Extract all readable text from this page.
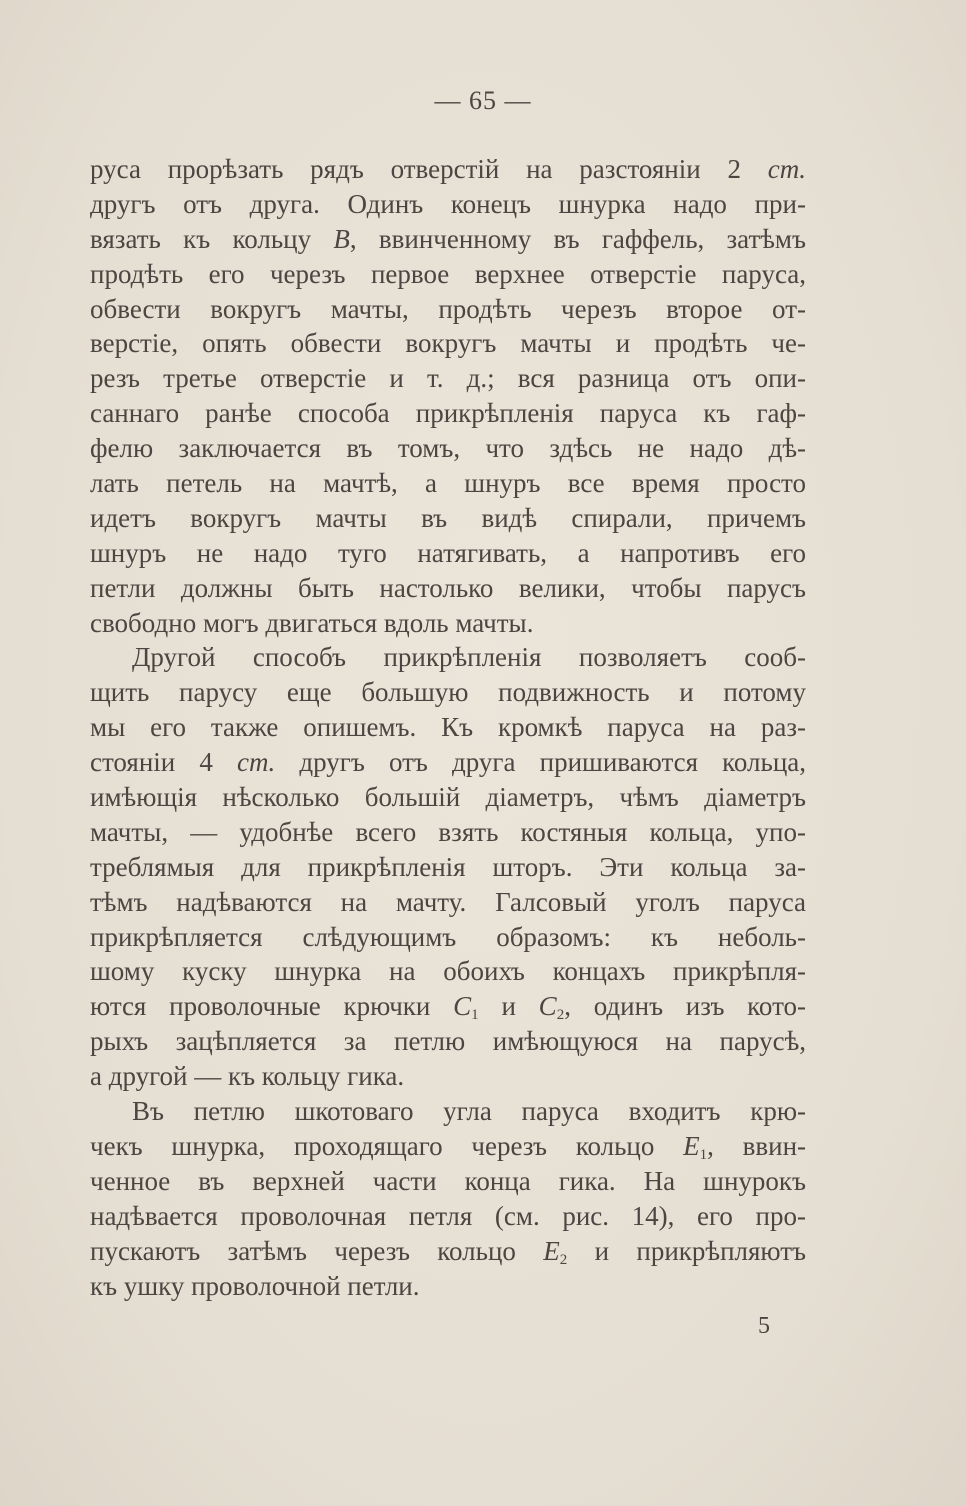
— 65 —
руса прорѣзать рядъ отверстій на разстояніи 2 cm.
другъ отъ друга. Одинъ конецъ шнурка надо при-
вязать къ кольцу B, ввинченному въ гаффель, затѣмъ
продѣть его черезъ первое верхнее отверстіе паруса,
обвести вокругъ мачты, продѣть черезъ второе от-
верстіе, опять обвести вокругъ мачты и продѣть че-
резъ третье отверстіе и т. д.; вся разница отъ опи-
саннаго ранѣе способа прикрѣпленія паруса къ гаф-
фелю заключается въ томъ, что здѣсь не надо дѣ-
лать петель на мачтѣ, а шнуръ все время просто
идетъ вокругъ мачты въ видѣ спирали, причемъ
шнуръ не надо туго натягивать, а напротивъ его
петли должны быть настолько велики, чтобы парусъ
свободно могъ двигаться вдоль мачты.
Другой способъ прикрѣпленія позволяетъ сооб-
щить парусу еще большую подвижность и потому
мы его также опишемъ. Къ кромкѣ паруса на раз-
стояніи 4 cm. другъ отъ друга пришиваются кольца,
имѣющія нѣсколько большій діаметръ, чѣмъ діаметръ
мачты, — удобнѣе всего взять костяныя кольца, упо-
треблямыя для прикрѣпленія шторъ. Эти кольца за-
тѣмъ надѣваются на мачту. Галсовый уголъ паруса
прикрѣпляется слѣдующимъ образомъ: къ неболь-
шому куску шнурка на обоихъ концахъ прикрѣпля-
ются проволочные крючки $C_1$ и $C_2$, одинъ изъ кото-
рыхъ зацѣпляется за петлю имѣющуюся на парусѣ,
а другой — къ кольцу гика.
Въ петлю шкотоваго угла паруса входитъ крю-
чекъ шнурка, проходящаго черезъ кольцо $E_1$, ввин-
ченное въ верхней части конца гика. На шнурокъ
надѣвается проволочная петля (см. рис. 14), его про-
пускаютъ затѣмъ черезъ кольцо $E_2$ и прикрѣпляютъ
къ ушку проволочной петли.
5
